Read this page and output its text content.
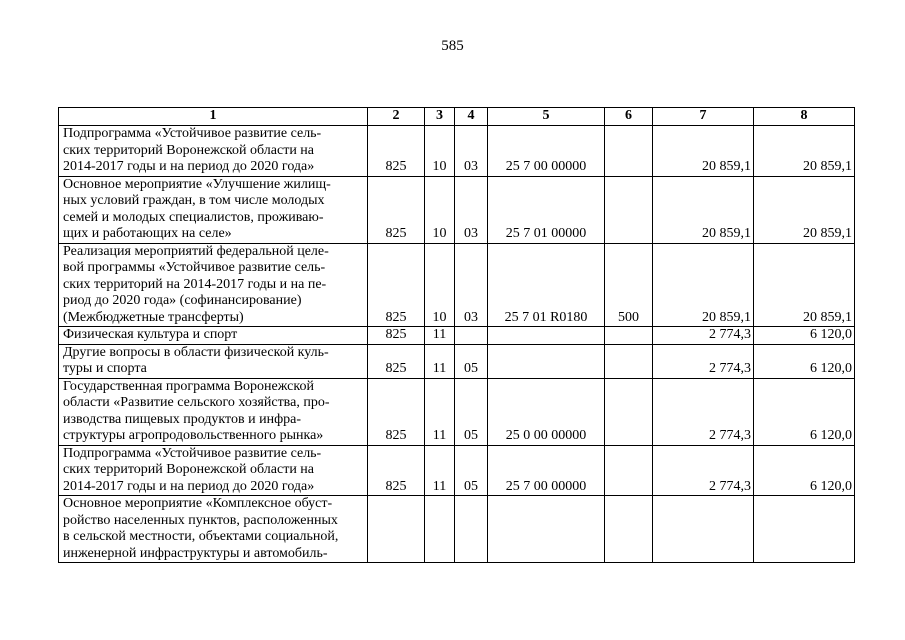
585
1	2	3	4	5	6	7	8
Подпрограмма «Устойчивое развитие сель-
ских территорий Воронежской области на
2014-2017 годы и на период до 2020 года»	825	10	03	25 7 00 00000		20 859,1	20 859,1
Основное мероприятие «Улучшение жилищ-
ных условий граждан, в том числе молодых
семей и молодых специалистов, проживаю-
щих и работающих на селе»	825	10	03	25 7 01 00000		20 859,1	20 859,1
Реализация мероприятий федеральной целе-
вой программы «Устойчивое развитие сель-
ских территорий на 2014-2017 годы и на пе-
риод до 2020 года» (софинансирование)
(Межбюджетные трансферты)	825	10	03	25 7 01 R0180	500	20 859,1	20 859,1
Физическая культура и спорт	825	11				2 774,3	6 120,0
Другие вопросы в области физической куль-
туры и спорта	825	11	05			2 774,3	6 120,0
Государственная программа Воронежской
области «Развитие сельского хозяйства, про-
изводства пищевых продуктов и инфра-
структуры агропродовольственного рынка»	825	11	05	25 0 00 00000		2 774,3	6 120,0
Подпрограмма «Устойчивое развитие сель-
ских территорий Воронежской области на
2014-2017 годы и на период до 2020 года»	825	11	05	25 7 00 00000		2 774,3	6 120,0
Основное мероприятие «Комплексное обуст-
ройство населенных пунктов, расположенных
в сельской местности, объектами социальной,
инженерной инфраструктуры и автомобиль-							
